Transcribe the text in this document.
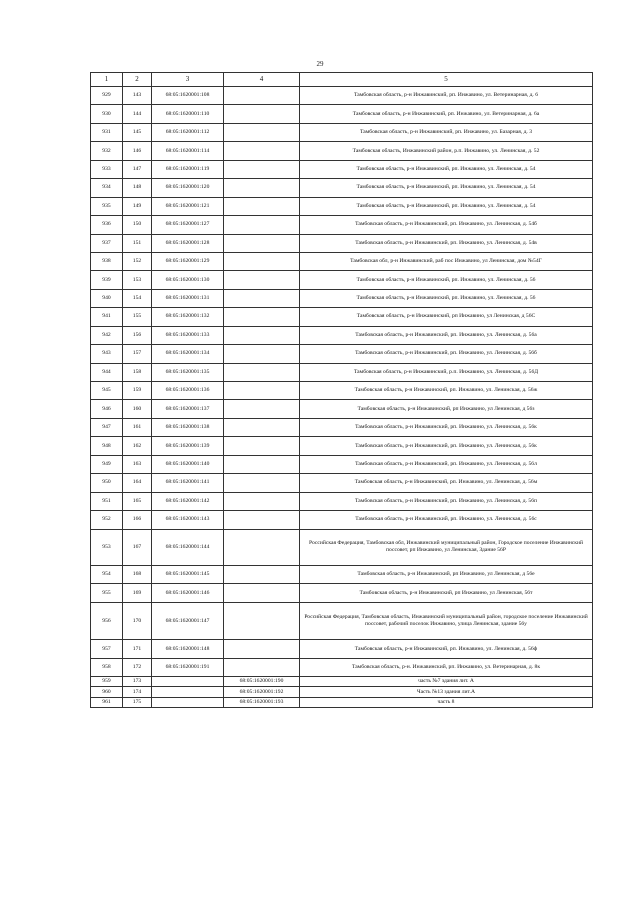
29
1	2	3	4	5
929	143	68:05:1620001:108		Тамбовская область, р-н Инжавинский, рп. Инжавино, ул. Ветеринарная, д. 6
930	144	68:05:1620001:110		Тамбовская область, р-н Инжавинский, рп. Инжавино, ул. Ветеринарная, д. 6а
931	145	68:05:1620001:112		Тамбовская область, р-н Инжавинский, рп. Инжавино, ул. Базарная, д. 3
932	146	68:05:1620001:114		Тамбовская область, Инжавинский район, р.п. Инжавино, ул. Ленинская, д. 52
933	147	68:05:1620001:119		Тамбовская область, р-н Инжавинский, рп. Инжавино, ул. Ленинская, д. 54
934	148	68:05:1620001:120		Тамбовская область, р-н Инжавинский, рп. Инжавино, ул. Ленинская, д. 54
935	149	68:05:1620001:121		Тамбовская область, р-н Инжавинский, рп. Инжавино, ул. Ленинская, д. 54
936	150	68:05:1620001:127		Тамбовская область, р-н Инжавинский, рп. Инжавино, ул. Ленинская, д. 54б
937	151	68:05:1620001:128		Тамбовская область, р-н Инжавинский, рп. Инжавино, ул. Ленинская, д. 54в
938	152	68:05:1620001:129		Тамбовская обл, р-н Инжавинский, раб пос Инжавино, ул Ленинская, дом №54Г
939	153	68:05:1620001:130		Тамбовская область, р-н Инжавинский, рп. Инжавино, ул. Ленинская, д. 56
940	154	68:05:1620001:131		Тамбовская область, р-н Инжавинский, рп. Инжавино, ул. Ленинская, д. 56
941	155	68:05:1620001:132		Тамбовская область, р-н Инжавинский, рп Инжавино, ул Ленинская, д 56С
942	156	68:05:1620001:133		Тамбовская область, р-н Инжавинский, рп. Инжавино, ул. Ленинская, д. 56а
943	157	68:05:1620001:134		Тамбовская область, р-н Инжавинский, рп. Инжавино, ул. Ленинская, д. 56б
944	158	68:05:1620001:135		Тамбовская область, р-н Инжавинский, р.п. Инжавино, ул. Ленинская, д. 56Д
945	159	68:05:1620001:136		Тамбовская область, р-н Инжавинский, рп. Инжавино, ул. Ленинская, д. 56ж
946	160	68:05:1620001:137		Тамбовская область, р-н Инжавинский, рп Инжавино, ул Ленинская, д 56з
947	161	68:05:1620001:138		Тамбовская область, р-н Инжавинский, рп. Инжавино, ул. Ленинская, д. 56к
948	162	68:05:1620001:139		Тамбовская область, р-н Инжавинский, рп. Инжавино, ул. Ленинская, д. 56к
949	163	68:05:1620001:140		Тамбовская область, р-н Инжавинский, рп. Инжавино, ул. Ленинская, д. 56л
950	164	68:05:1620001:141		Тамбовская область, р-н Инжавинский, рп. Инжавино, ул. Ленинская, д. 56м
951	165	68:05:1620001:142		Тамбовская область, р-н Инжавинский, рп. Инжавино, ул. Ленинская, д. 56п
952	166	68:05:1620001:143		Тамбовская область, р-н Инжавинский, рп. Инжавино, ул. Ленинская, д. 56с
953	167	68:05:1620001:144		Российская Федерация, Тамбовская обл, Инжавинский муниципальный район, Городское поселение Инжавинский поссовет, рп Инжавино, ул Ленинская, Здание 56Р
954	168	68:05:1620001:145		Тамбовская область, р-н Инжавинский, рп Инжавино, ул Ленинская, д 56е
955	169	68:05:1620001:146		Тамбовская область, р-н Инжавинский, рп Инжавино, ул Ленинская, 56т
956	170	68:05:1620001:147		Российская Федерация, Тамбовская область, Инжавинский муниципальный район, городское поселение Инжавинский поссовет, рабочий поселок Инжавино, улица Ленинская, здание 56у
957	171	68:05:1620001:148		Тамбовская область, р-н Инжавинский, рп. Инжавино, ул. Ленинская, д. 56ф
958	172	68:05:1620001:191		Тамбовская область, р-н. Инжавинский, рп. Инжавино, ул. Ветеринарная, д. 8к
959	173		68:05:1620001:190	часть №7 здания лит. А
960	174		68:05:1620001:192	Часть №13 здания лит.А
961	175		68:05:1620001:193	часть 8
